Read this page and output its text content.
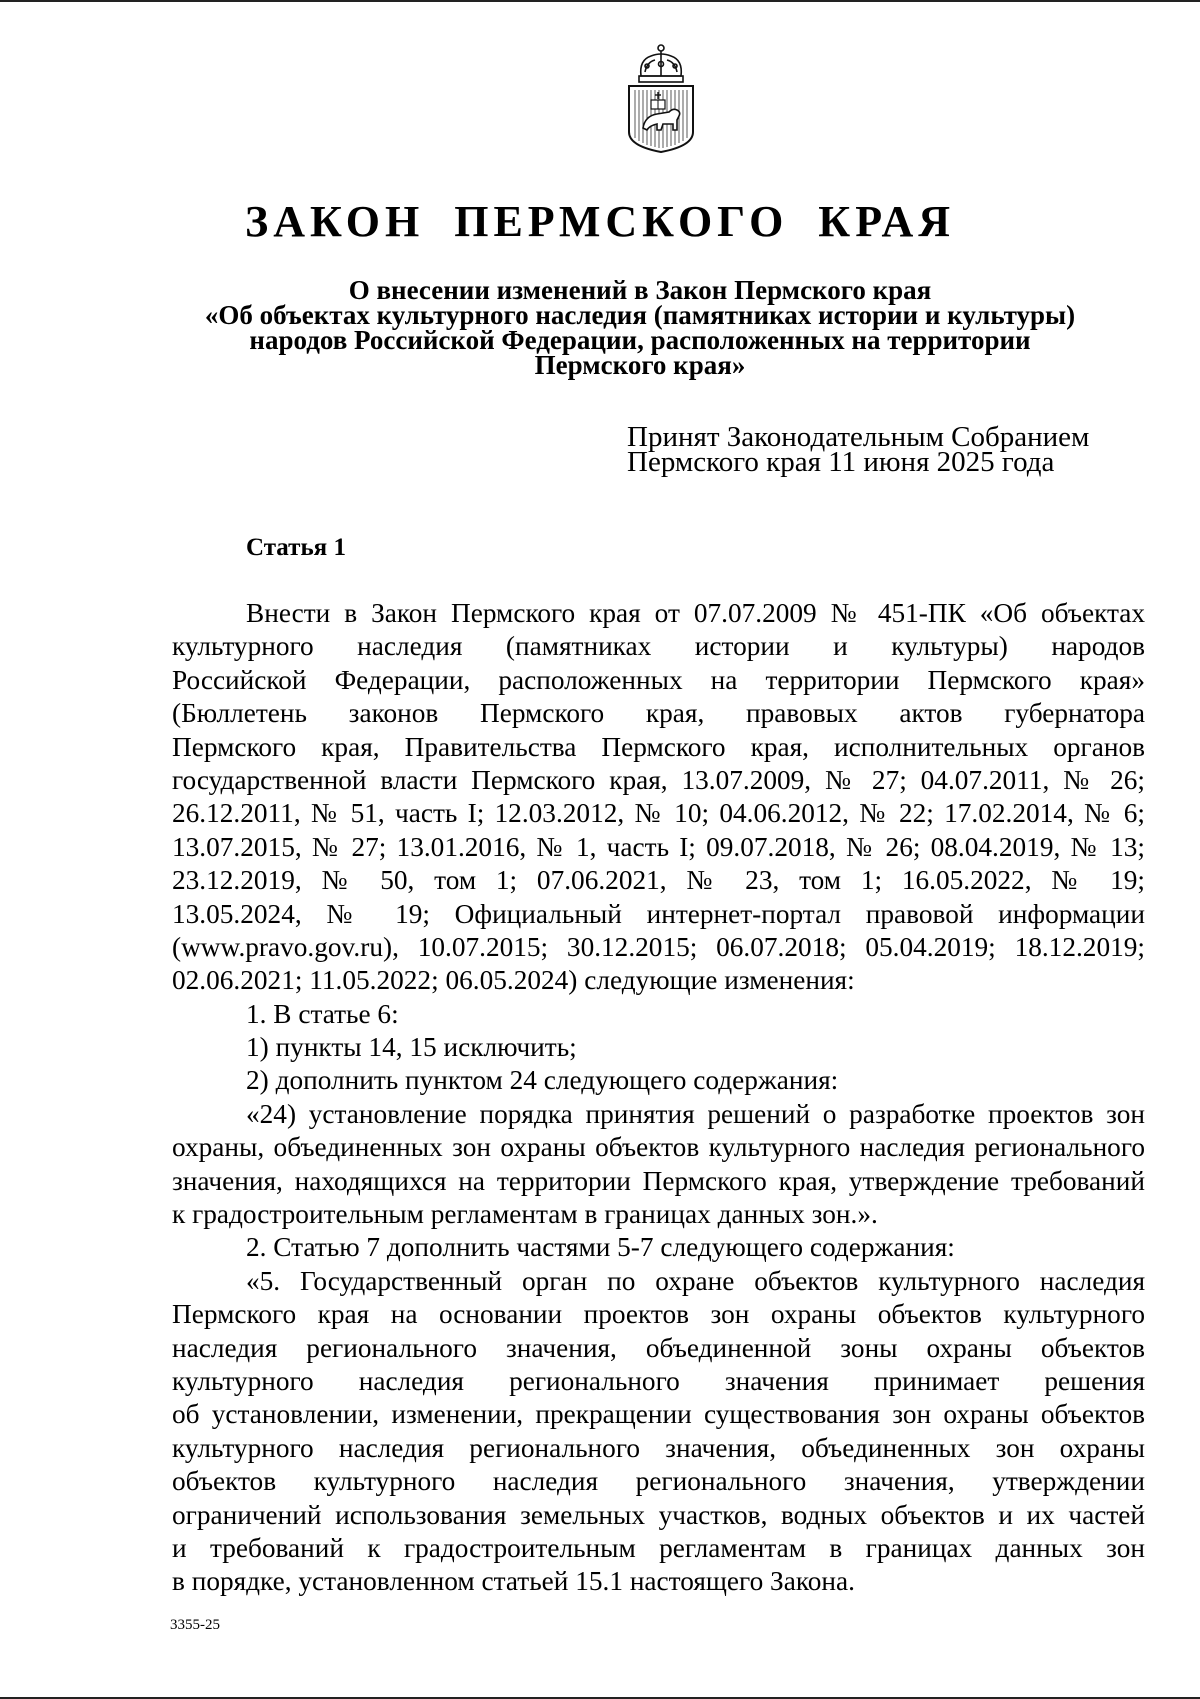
ЗАКОН ПЕРМСКОГО КРАЯ
О внесении изменений в Закон Пермского края
«Об объектах культурного наследия (памятниках истории и культуры)
народов Российской Федерации, расположенных на территории
Пермского края»
Принят Законодательным Собранием
Пермского края 11 июня 2025 года
Статья 1
Внести в Закон Пермского края от 07.07.2009 № 451-ПК «Об объектах
культурного наследия (памятниках истории и культуры) народов
Российской Федерации, расположенных на территории Пермского края»
(Бюллетень законов Пермского края, правовых актов губернатора
Пермского края, Правительства Пермского края, исполнительных органов
государственной власти Пермского края, 13.07.2009, № 27; 04.07.2011, № 26;
26.12.2011, № 51, часть I; 12.03.2012, № 10; 04.06.2012, № 22; 17.02.2014, № 6;
13.07.2015, № 27; 13.01.2016, № 1, часть I; 09.07.2018, № 26; 08.04.2019, № 13;
23.12.2019, № 50, том 1; 07.06.2021, № 23, том 1; 16.05.2022, № 19;
13.05.2024, № 19; Официальный интернет-портал правовой информации
(www.pravo.gov.ru), 10.07.2015; 30.12.2015; 06.07.2018; 05.04.2019; 18.12.2019;
02.06.2021; 11.05.2022; 06.05.2024) следующие изменения:
1. В статье 6:
1) пункты 14, 15 исключить;
2) дополнить пунктом 24 следующего содержания:
«24) установление порядка принятия решений о разработке проектов зон
охраны, объединенных зон охраны объектов культурного наследия регионального
значения, находящихся на территории Пермского края, утверждение требований
к градостроительным регламентам в границах данных зон.».
2. Статью 7 дополнить частями 5-7 следующего содержания:
«5. Государственный орган по охране объектов культурного наследия
Пермского края на основании проектов зон охраны объектов культурного
наследия регионального значения, объединенной зоны охраны объектов
культурного наследия регионального значения принимает решения
об установлении, изменении, прекращении существования зон охраны объектов
культурного наследия регионального значения, объединенных зон охраны
объектов культурного наследия регионального значения, утверждении
ограничений использования земельных участков, водных объектов и их частей
и требований к градостроительным регламентам в границах данных зон
в порядке, установленном статьей 15.1 настоящего Закона.
3355-25
